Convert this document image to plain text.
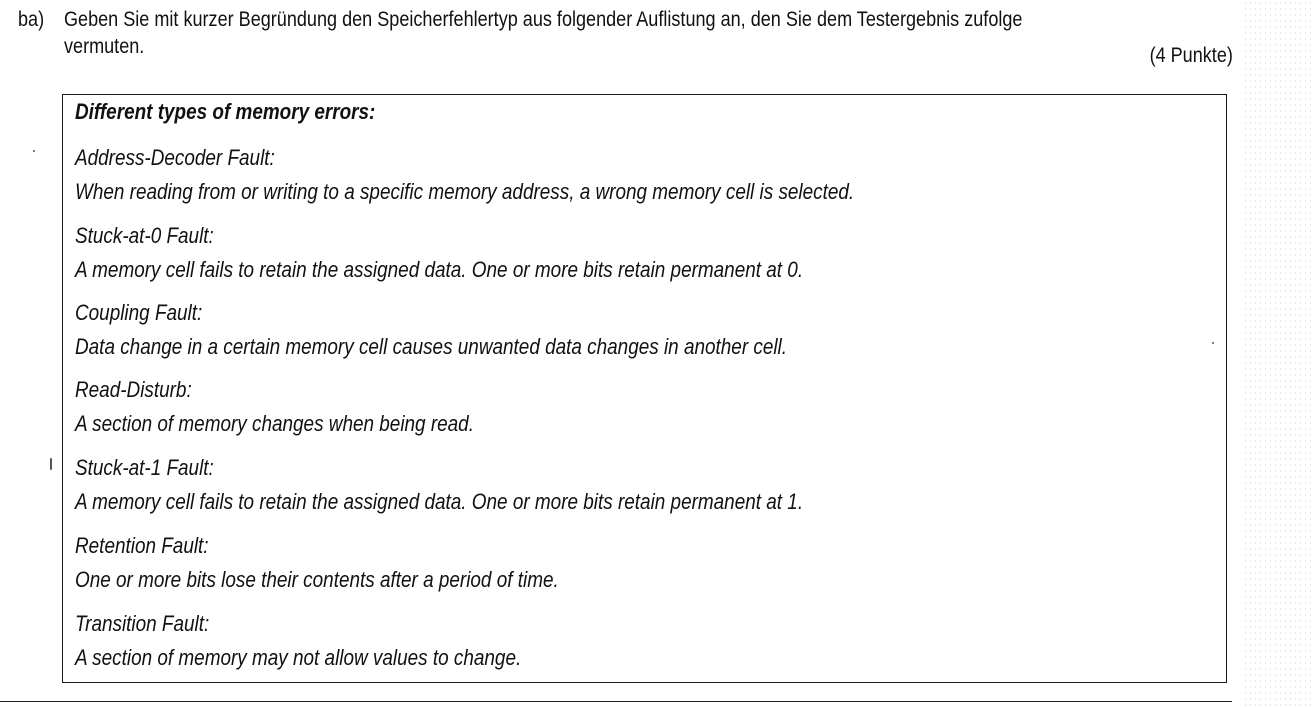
ba) Geben Sie mit kurzer Begründung den Speicherfehlertyp aus folgender Auflistung an, den Sie dem Testergebnis zufolge
vermuten.	(4 Punkte)
Different types of memory errors:
Address-Decoder Fault:
When reading from or writing to a specific memory address, a wrong memory cell is selected.
Stuck-at-0 Fault:
A memory cell fails to retain the assigned data. One or more bits retain permanent at 0.
Coupling Fault:
Data change in a certain memory cell causes unwanted data changes in another cell.
Read-Disturb:
A section of memory changes when being read.
Stuck-at-1 Fault:
A memory cell fails to retain the assigned data. One or more bits retain permanent at 1.
Retention Fault:
One or more bits lose their contents after a period of time.
Transition Fault:
A section of memory may not allow values to change.
